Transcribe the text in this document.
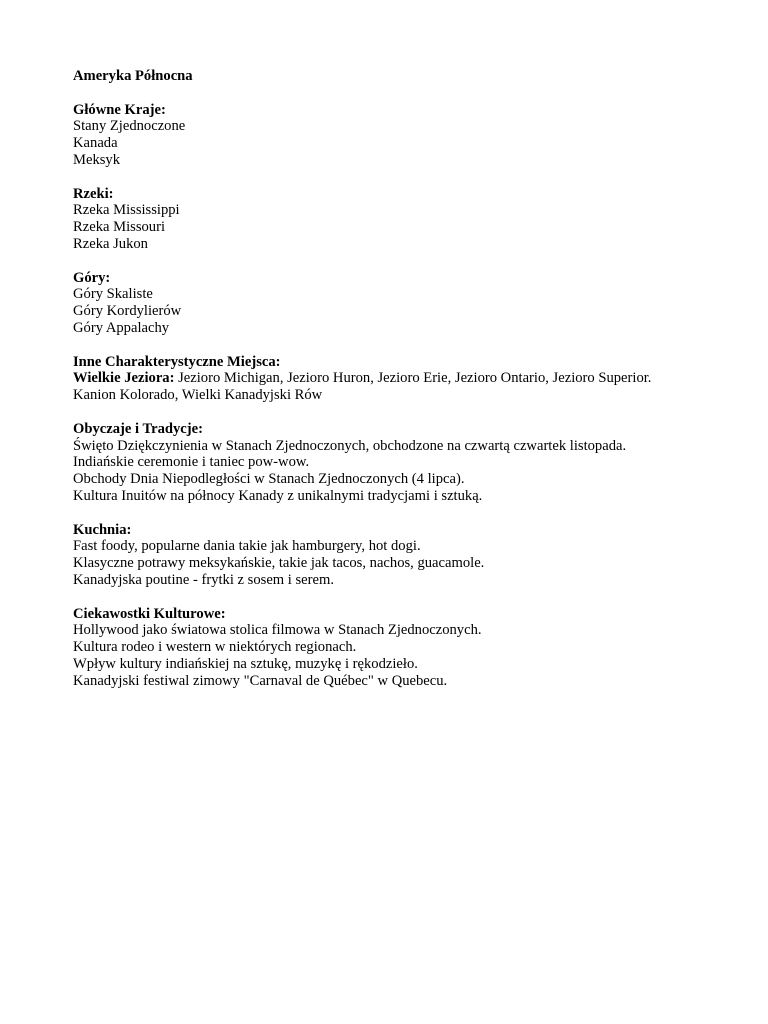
Ameryka Północna

Główne Kraje:

Stany Zjednoczone

Kanada

Meksyk

Rzeki:

Rzeka Mississippi

Rzeka Missouri

Rzeka Jukon

Góry:

Góry Skaliste

Góry Kordylierów

Góry Appalachy

Inne Charakterystyczne Miejsca:

Wielkie Jeziora: Jezioro Michigan, Jezioro Huron, Jezioro Erie, Jezioro Ontario, Jezioro Superior.

Kanion Kolorado, Wielki Kanadyjski Rów

Obyczaje i Tradycje:

Święto Dziękczynienia w Stanach Zjednoczonych, obchodzone na czwartą czwartek listopada.

Indiańskie ceremonie i taniec pow-wow.

Obchody Dnia Niepodległości w Stanach Zjednoczonych (4 lipca).

Kultura Inuitów na północy Kanady z unikalnymi tradycjami i sztuką.

Kuchnia:

Fast foody, popularne dania takie jak hamburgery, hot dogi.

Klasyczne potrawy meksykańskie, takie jak tacos, nachos, guacamole.

Kanadyjska poutine - frytki z sosem i serem.

Ciekawostki Kulturowe:

Hollywood jako światowa stolica filmowa w Stanach Zjednoczonych.

Kultura rodeo i western w niektórych regionach.

Wpływ kultury indiańskiej na sztukę, muzykę i rękodzieło.

Kanadyjski festiwal zimowy "Carnaval de Québec" w Quebecu.
